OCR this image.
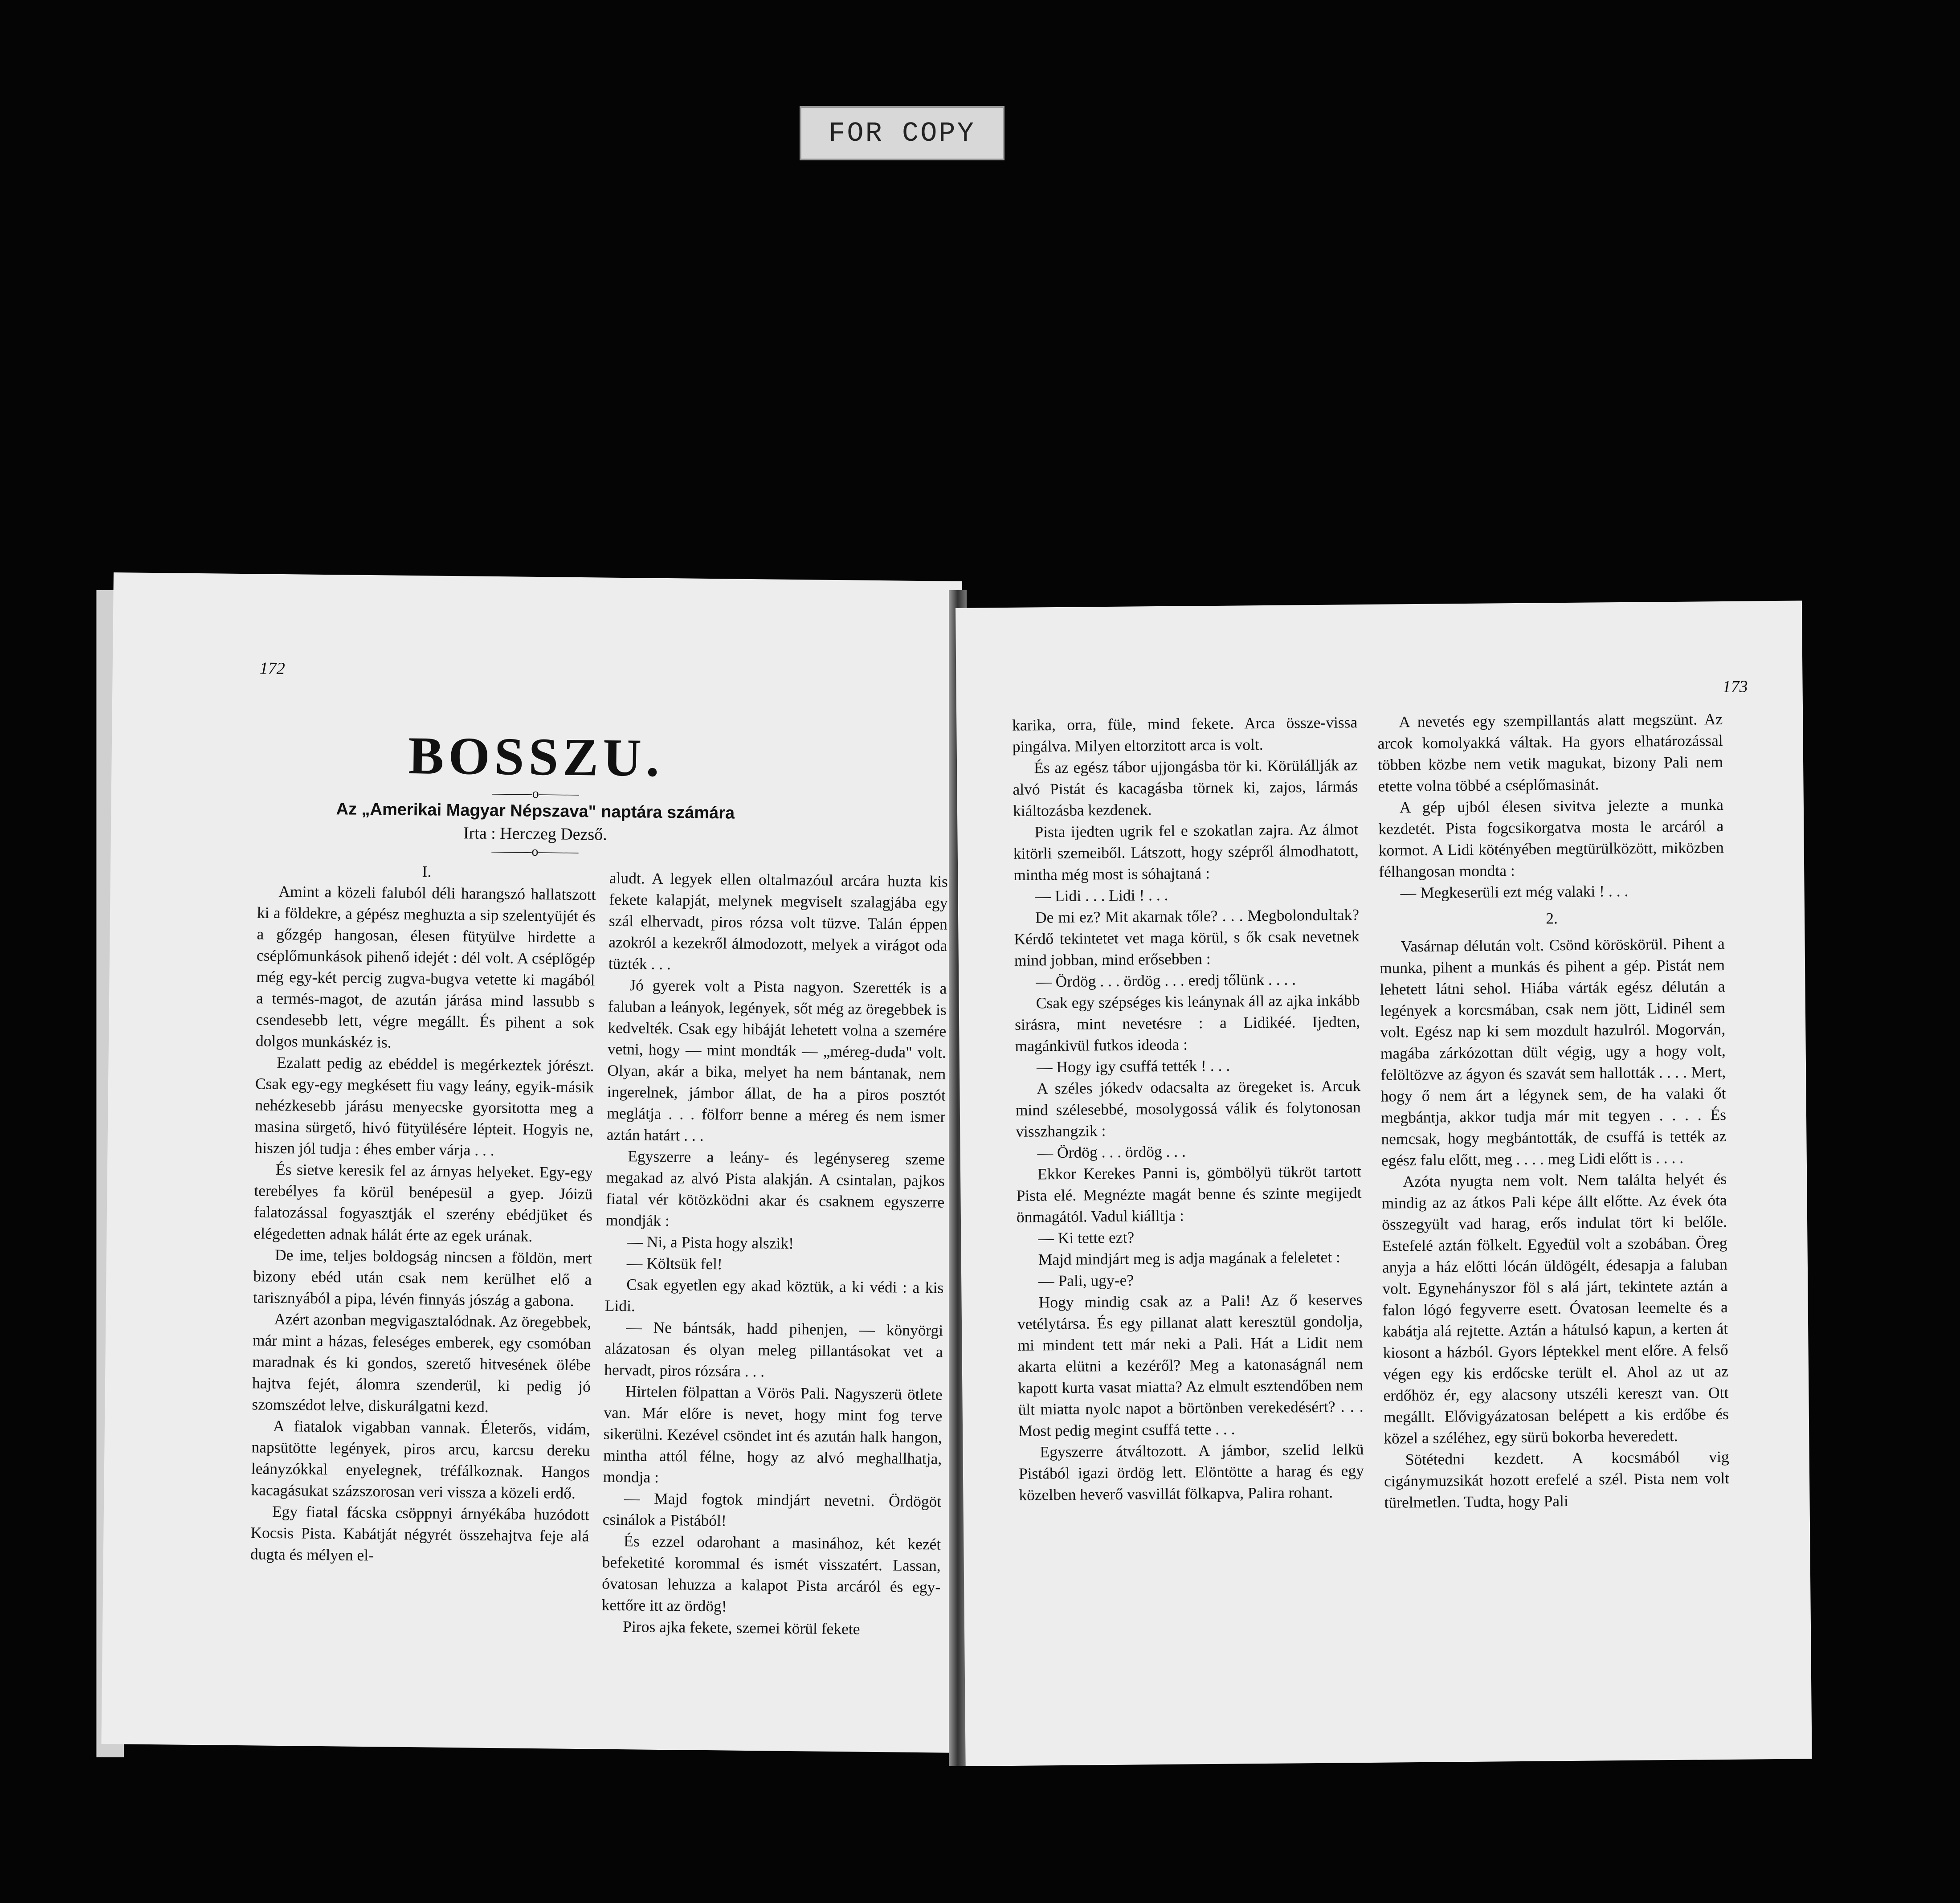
FOR COPY
172
BOSSZU.
———o———
Az „Amerikai Magyar Népszava" naptára számára
Irta : Herczeg Dezső.
———o———

I.

Amint a közeli faluból déli harangszó hallatszott ki a földekre, a gépész meghuzta a sip szelentyüjét és a gőzgép hangosan, élesen fütyülve hirdette a cséplőmunkások pihenő idejét : dél volt. A cséplőgép még egy-két percig zugva-bugva vetette ki magából a termés-magot, de azután járása mind lassubb s csendesebb lett, végre megállt. És pihent a sok dolgos munkáskéz is.

Ezalatt pedig az ebéddel is megérkeztek jórészt. Csak egy-egy megkésett fiu vagy leány, egyik-másik nehézkesebb járásu menyecske gyorsitotta meg a masina sürgető, hivó fütyülésére lépteit. Hogyis ne, hiszen jól tudja : éhes ember várja . . .

És sietve keresik fel az árnyas helyeket. Egy-egy terebélyes fa körül benépesül a gyep. Jóizü falatozással fogyasztják el szerény ebédjüket és elégedetten adnak hálát érte az egek urának.

De ime, teljes boldogság nincsen a földön, mert bizony ebéd után csak nem kerülhet elő a tarisznyából a pipa, lévén finnyás jószág a gabona.

Azért azonban megvigasztalódnak. Az öregebbek, már mint a házas, feleséges emberek, egy csomóban maradnak és ki gondos, szerető hitvesének ölébe hajtva fejét, álomra szenderül, ki pedig jó szomszédot lelve, diskurálgatni kezd.

A fiatalok vigabban vannak. Életerős, vidám, napsütötte legények, piros arcu, karcsu dereku leányzókkal enyelegnek, tréfálkoznak. Hangos kacagásukat százszorosan veri vissza a közeli erdő.

Egy fiatal fácska csöppnyi árnyékába huzódott Kocsis Pista. Kabátját négyrét összehajtva feje alá dugta és mélyen el-

aludt. A legyek ellen oltalmazóul arcára huzta kis fekete kalapját, melynek megviselt szalagjába egy szál elhervadt, piros rózsa volt tüzve. Talán éppen azokról a kezekről álmodozott, melyek a virágot oda tüzték . . .

Jó gyerek volt a Pista nagyon. Szerették is a faluban a leányok, legények, sőt még az öregebbek is kedvelték. Csak egy hibáját lehetett volna a szemére vetni, hogy — mint mondták — „méreg-duda" volt. Olyan, akár a bika, melyet ha nem bántanak, nem ingerelnek, jámbor állat, de ha a piros posztót meglátja . . . fölforr benne a méreg és nem ismer aztán határt . . .

Egyszerre a leány- és legénysereg szeme megakad az alvó Pista alakján. A csintalan, pajkos fiatal vér kötözködni akar és csaknem egyszerre mondják :

— Ni, a Pista hogy alszik!

— Költsük fel!

Csak egyetlen egy akad köztük, a ki védi : a kis Lidi.

— Ne bántsák, hadd pihenjen, — könyörgi alázatosan és olyan meleg pillantásokat vet a hervadt, piros rózsára . . .

Hirtelen fölpattan a Vörös Pali. Nagyszerü ötlete van. Már előre is nevet, hogy mint fog terve sikerülni. Kezével csöndet int és azután halk hangon, mintha attól félne, hogy az alvó meghallhatja, mondja :

— Majd fogtok mindjárt nevetni. Ördögöt csinálok a Pistából!

És ezzel odarohant a masinához, két kezét befeketité korommal és ismét visszatért. Lassan, óvatosan lehuzza a kalapot Pista arcáról és egy-kettőre itt az ördög!

Piros ajka fekete, szemei körül fekete

173

karika, orra, füle, mind fekete. Arca össze-vissa pingálva. Milyen eltorzitott arca is volt.

És az egész tábor ujjongásba tör ki. Körülállják az alvó Pistát és kacagásba törnek ki, zajos, lármás kiáltozásba kezdenek.

Pista ijedten ugrik fel e szokatlan zajra. Az álmot kitörli szemeiből. Látszott, hogy szépről álmodhatott, mintha még most is sóhajtaná :

— Lidi . . . Lidi ! . . .

De mi ez? Mit akarnak tőle? . . . Megbolondultak? Kérdő tekintetet vet maga körül, s ők csak nevetnek mind jobban, mind erősebben :

— Ördög . . . ördög . . . eredj tőlünk . . . .

Csak egy szépséges kis leánynak áll az ajka inkább sirásra, mint nevetésre : a Lidikéé. Ijedten, magánkivül futkos ideoda :

— Hogy igy csuffá tették ! . . .

A széles jókedv odacsalta az öregeket is. Arcuk mind szélesebbé, mosolygossá válik és folytonosan visszhangzik :

— Ördög . . . ördög . . .

Ekkor Kerekes Panni is, gömbölyü tükröt tartott Pista elé. Megnézte magát benne és szinte megijedt önmagától. Vadul kiálltja :

— Ki tette ezt?

Majd mindjárt meg is adja magának a feleletet :

— Pali, ugy-e?

Hogy mindig csak az a Pali! Az ő keserves vetélytársa. És egy pillanat alatt keresztül gondolja, mi mindent tett már neki a Pali. Hát a Lidit nem akarta elütni a kezéről? Meg a katonaságnál nem kapott kurta vasat miatta? Az elmult esztendőben nem ült miatta nyolc napot a börtönben verekedésért? . . . Most pedig megint csuffá tette . . .

Egyszerre átváltozott. A jámbor, szelid lelkü Pistából igazi ördög lett. Elöntötte a harag és egy közelben heverő vasvillát fölkapva, Palira rohant.

A nevetés egy szempillantás alatt megszünt. Az arcok komolyakká váltak. Ha gyors elhatározással többen közbe nem vetik magukat, bizony Pali nem etette volna többé a cséplőmasinát.

A gép ujból élesen sivitva jelezte a munka kezdetét. Pista fogcsikorgatva mosta le arcáról a kormot. A Lidi kötényében megtürülközött, miközben félhangosan mondta :

— Megkeserüli ezt még valaki ! . . .

2.

Vasárnap délután volt. Csönd köröskörül. Pihent a munka, pihent a munkás és pihent a gép. Pistát nem lehetett látni sehol. Hiába várták egész délután a legények a korcsmában, csak nem jött, Lidinél sem volt. Egész nap ki sem mozdult hazulról. Mogorván, magába zárkózottan dült végig, ugy a hogy volt, felöltözve az ágyon és szavát sem hallották . . . . Mert, hogy ő nem árt a légynek sem, de ha valaki őt megbántja, akkor tudja már mit tegyen . . . . És nemcsak, hogy megbántották, de csuffá is tették az egész falu előtt, meg . . . . meg Lidi előtt is . . . .

Azóta nyugta nem volt. Nem találta helyét és mindig az az átkos Pali képe állt előtte. Az évek óta összegyült vad harag, erős indulat tört ki belőle. Estefelé aztán fölkelt. Egyedül volt a szobában. Öreg anyja a ház előtti lócán üldögélt, édesapja a faluban volt. Egynehányszor föl s alá járt, tekintete aztán a falon lógó fegyverre esett. Óvatosan leemelte és a kabátja alá rejtette. Aztán a hátulsó kapun, a kerten át kiosont a házból. Gyors léptekkel ment előre. A felső végen egy kis erdőcske terült el. Ahol az ut az erdőhöz ér, egy alacsony utszéli kereszt van. Ott megállt. Elővigyázatosan belépett a kis erdőbe és közel a széléhez, egy sürü bokorba heveredett.

Sötétedni kezdett. A kocsmából vig cigánymuzsikát hozott erefelé a szél. Pista nem volt türelmetlen. Tudta, hogy Pali
